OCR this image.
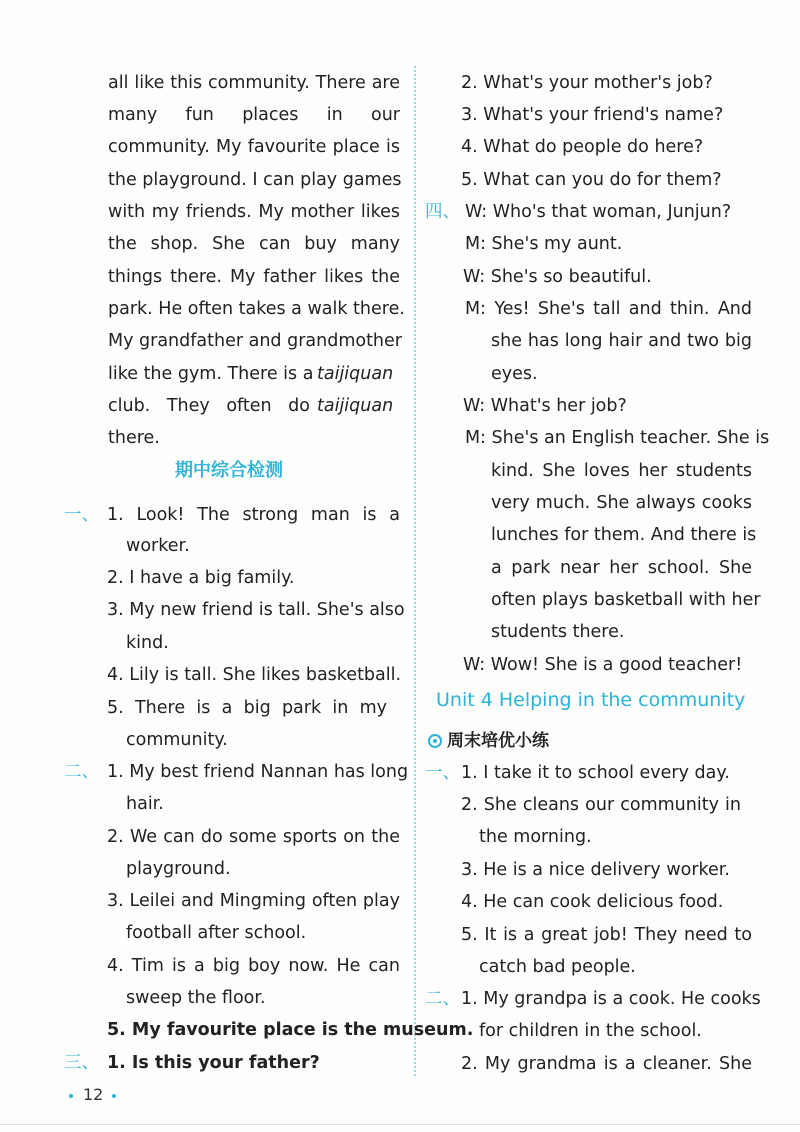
all like this community. There are
many fun places in our
community. My favourite place is
the playground. I can play games
with my friends. My mother likes
the shop. She can buy many
things there. My father likes the
park. He often takes a walk there.
My grandfather and grandmother
like the gym. There is a taijiquan
club. They often do taijiquan
there.
期中综合检测
一、 1. Look! The strong man is a
worker.
2. I have a big family.
3. My new friend is tall. She's also
kind.
4. Lily is tall. She likes basketball.
5. There is a big park in my
community.
二、 1. My best friend Nannan has long
hair.
2. We can do some sports on the
playground.
3. Leilei and Mingming often play
football after school.
4. Tim is a big boy now. He can
sweep the floor.
5. My favourite place is the museum.
三、 1. Is this your father?
12
2. What's your mother's job?
3. What's your friend's name?
4. What do people do here?
5. What can you do for them?
四、 W: Who's that woman, Junjun?
M: She's my aunt.
W: She's so beautiful.
M: Yes! She's tall and thin. And
she has long hair and two big
eyes.
W: What's her job?
M: She's an English teacher. She is
kind. She loves her students
very much. She always cooks
lunches for them. And there is
a park near her school. She
often plays basketball with her
students there.
W: Wow! She is a good teacher!
Unit 4 Helping in the community
周末培优小练
一、 1. I take it to school every day.
2. She cleans our community in
the morning.
3. He is a nice delivery worker.
4. He can cook delicious food.
5. It is a great job! They need to
catch bad people.
二、 1. My grandpa is a cook. He cooks
for children in the school.
2. My grandma is a cleaner. She
